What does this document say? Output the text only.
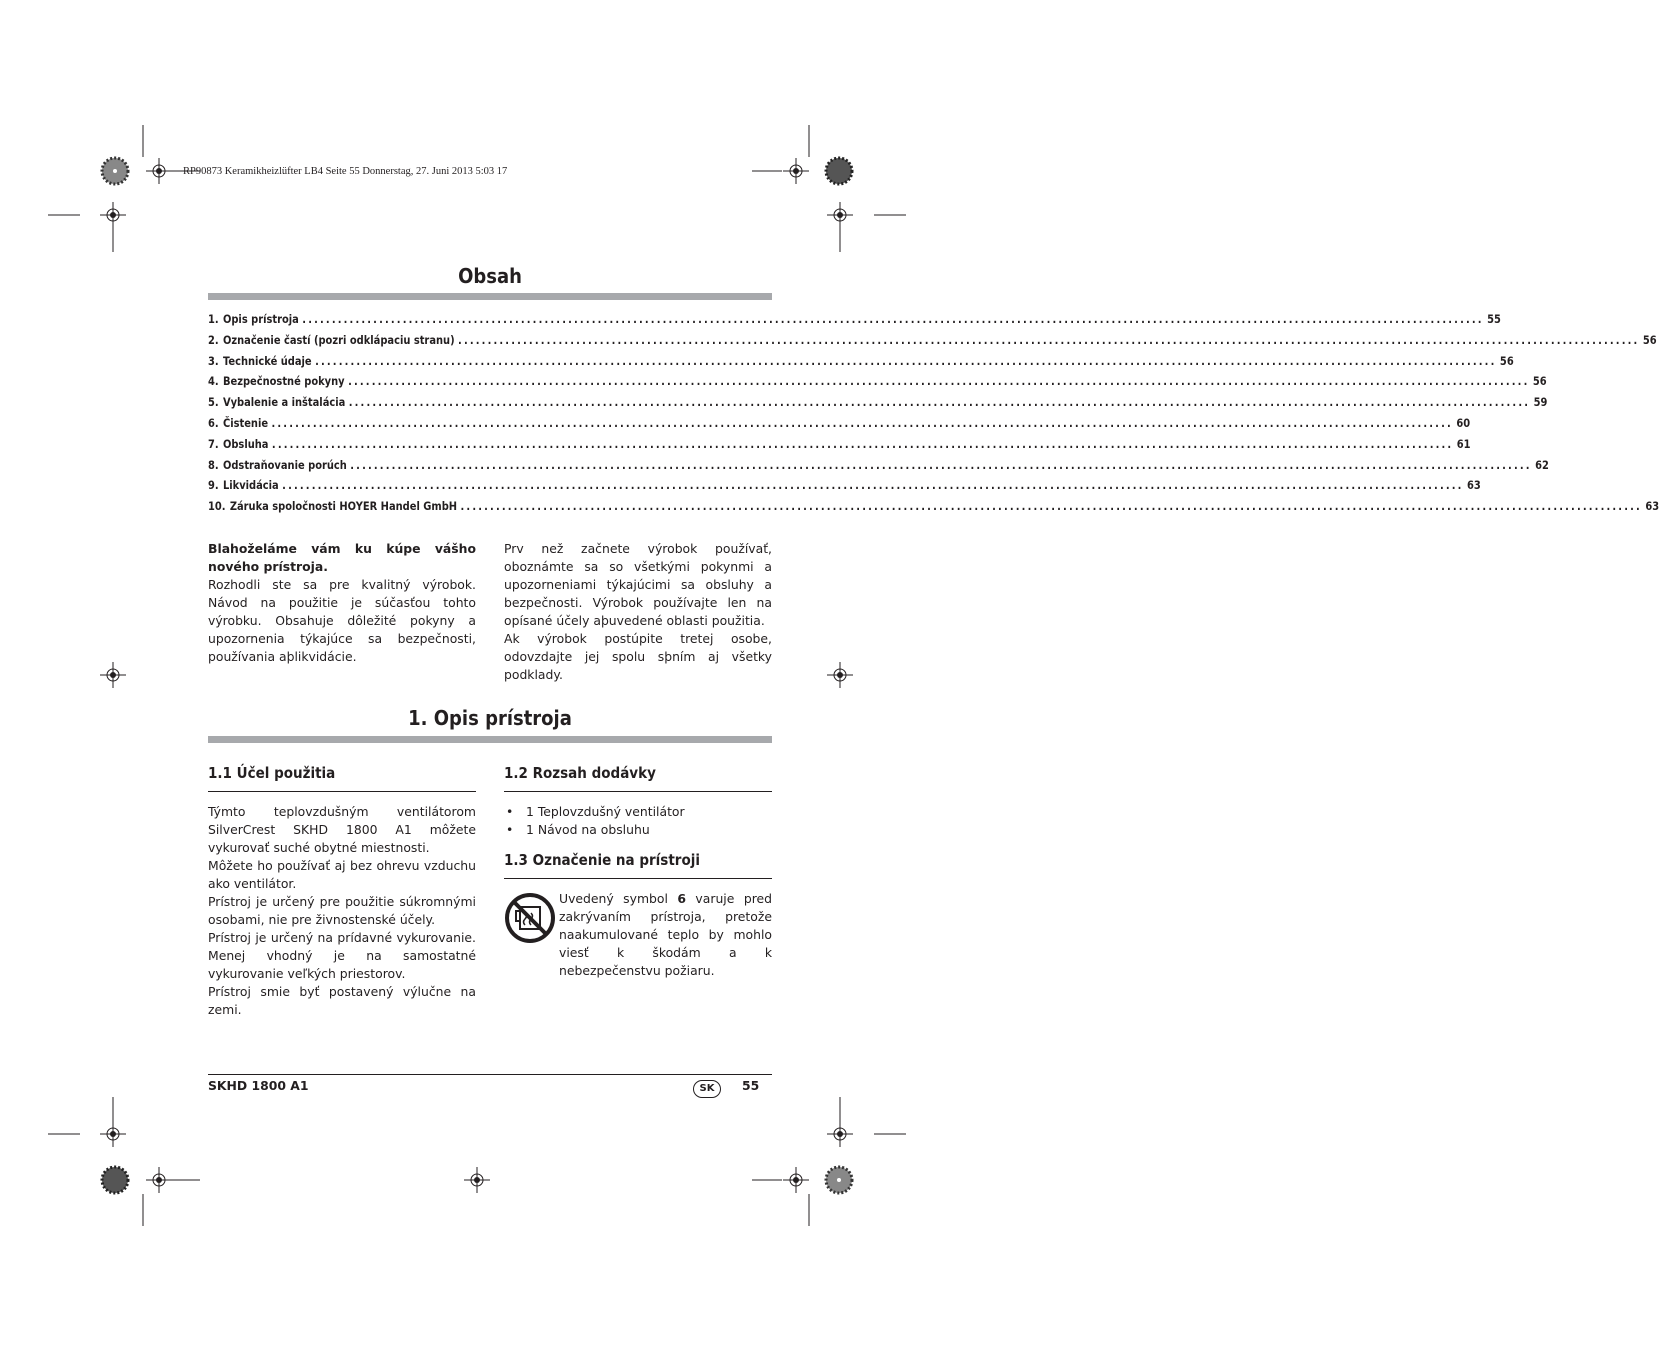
RP90873 Keramikheizlüfter LB4 Seite 55 Donnerstag, 27. Juni 2013 5:03 17
Obsah
1. Opis prístroja ........................................................................................................................................................................................................ 55
2. Označenie častí (pozri odklápaciu stranu) ........................................................................................................................................................................................................ 56
3. Technické údaje ........................................................................................................................................................................................................ 56
4. Bezpečnostné pokyny ........................................................................................................................................................................................................ 56
5. Vybalenie a inštalácia ........................................................................................................................................................................................................ 59
6. Čistenie ........................................................................................................................................................................................................ 60
7. Obsluha ........................................................................................................................................................................................................ 61
8. Odstraňovanie porúch ........................................................................................................................................................................................................ 62
9. Likvidácia ........................................................................................................................................................................................................ 63
10. Záruka spoločnosti HOYER Handel GmbH ........................................................................................................................................................................................................ 63

Blahoželáme vám ku kúpe vášho nového prístroja.

Rozhodli ste sa pre kvalitný výrobok. Návod na použitie je súčasťou tohto výrobku. Obsahuje dôležité pokyny a upozornenia týkajúce sa bezpečnosti, používania aþlikvidácie.

Prv než začnete výrobok používať, oboznámte sa so všetkými pokynmi a upozorneniami týkajúcimi sa obsluhy a bezpečnosti. Výrobok používajte len na opísané účely aþuvedené oblasti použitia.

Ak výrobok postúpite tretej osobe, odovzdajte jej spolu sþním aj všetky podklady.

1. Opis prístroja
1.1 Účel použitia

Týmto teplovzdušným ventilátorom SilverCrest SKHD 1800 A1 môžete vykurovať suché obytné miestnosti.

Môžete ho používať aj bez ohrevu vzduchu ako ventilátor.

Prístroj je určený pre použitie súkromnými osobami, nie pre živnostenské účely.

Prístroj je určený na prídavné vykurovanie. Menej vhodný je na samostatné vykurovanie veľkých priestorov.

Prístroj smie byť postavený výlučne na zemi.

1.2 Rozsah dodávky
• 1 Teplovzdušný ventilátor
• 1 Návod na obsluhu
1.3 Označenie na prístroji

Uvedený symbol 6 varuje pred zakrývaním prístroja, pretože naakumulované teplo by mohlo viesť k škodám a k nebezpečenstvu požiaru.

SKHD 1800 A1	SK	55
